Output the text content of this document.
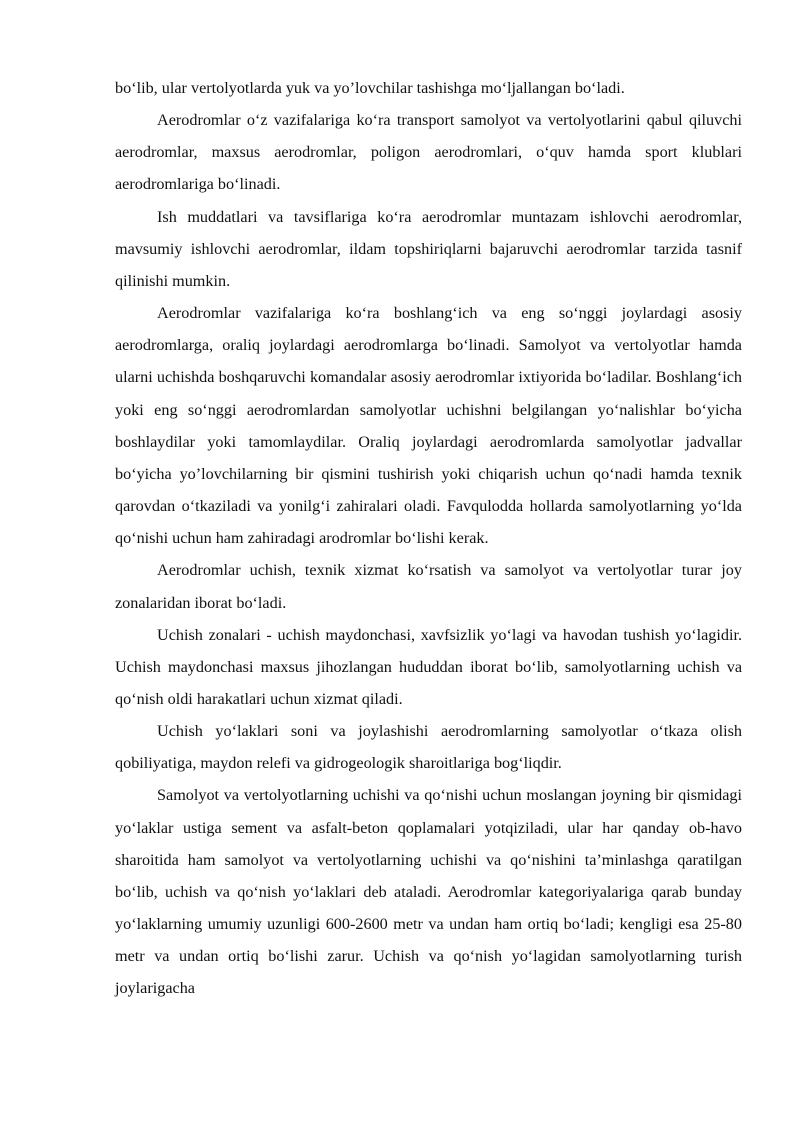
bo‘lib, ular vertolyotlarda yuk va yo’lovchilar tashishga mo‘ljallangan bo‘ladi.

Aerodromlar o‘z vazifalariga ko‘ra transport samolyot va vertolyotlarini qabul qiluvchi aerodromlar, maxsus aerodromlar, poligon aerodromlari, o‘quv hamda sport klublari aerodromlariga bo‘linadi.

Ish muddatlari va tavsiflariga ko‘ra aerodromlar muntazam ishlovchi aerodromlar, mavsumiy ishlovchi aerodromlar, ildam topshiriqlarni bajaruvchi aerodromlar tarzida tasnif qilinishi mumkin.

Aerodromlar vazifalariga ko‘ra boshlang‘ich va eng so‘nggi joylardagi asosiy aerodromlarga, oraliq joylardagi aerodromlarga bo‘linadi. Samolyot va vertolyotlar hamda ularni uchishda boshqaruvchi komandalar asosiy aerodromlar ixtiyorida bo‘ladilar. Boshlang‘ich yoki eng so‘nggi aerodromlardan samolyotlar uchishni belgilangan yo‘nalishlar bo‘yicha boshlaydilar yoki tamomlaydilar. Oraliq joylardagi aerodromlarda samolyotlar jadvallar bo‘yicha yo’lovchilarning bir qismini tushirish yoki chiqarish uchun qo‘nadi hamda texnik qarovdan o‘tkaziladi va yonilg‘i zahiralari oladi. Favqulodda hollarda samolyotlarning yo‘lda qo‘nishi uchun ham zahiradagi arodromlar bo‘lishi kerak.

Aerodromlar uchish, texnik xizmat ko‘rsatish va samolyot va vertolyotlar turar joy zonalaridan iborat bo‘ladi.

Uchish zonalari - uchish maydonchasi, xavfsizlik yo‘lagi va havodan tushish yo‘lagidir. Uchish maydonchasi maxsus jihozlangan hududdan iborat bo‘lib, samolyotlarning uchish va qo‘nish oldi harakatlari uchun xizmat qiladi.

Uchish yo‘laklari soni va joylashishi aerodromlarning samolyotlar o‘tkaza olish qobiliyatiga, maydon relefi va gidrogeologik sharoitlariga bog‘liqdir.

Samolyot va vertolyotlarning uchishi va qo‘nishi uchun moslangan joyning bir qismidagi yo‘laklar ustiga sement va asfalt-beton qoplamalari yotqiziladi, ular har qanday ob-havo sharoitida ham samolyot va vertolyotlarning uchishi va qo‘nishini ta’minlashga qaratilgan bo‘lib, uchish va qo‘nish yo‘laklari deb ataladi. Aerodromlar kategoriyalariga qarab bunday yo‘laklarning umumiy uzunligi 600-2600 metr va undan ham ortiq bo‘ladi; kengligi esa 25-80 metr va undan ortiq bo‘lishi zarur. Uchish va qo‘nish yo‘lagidan samolyotlarning turish joylarigacha
